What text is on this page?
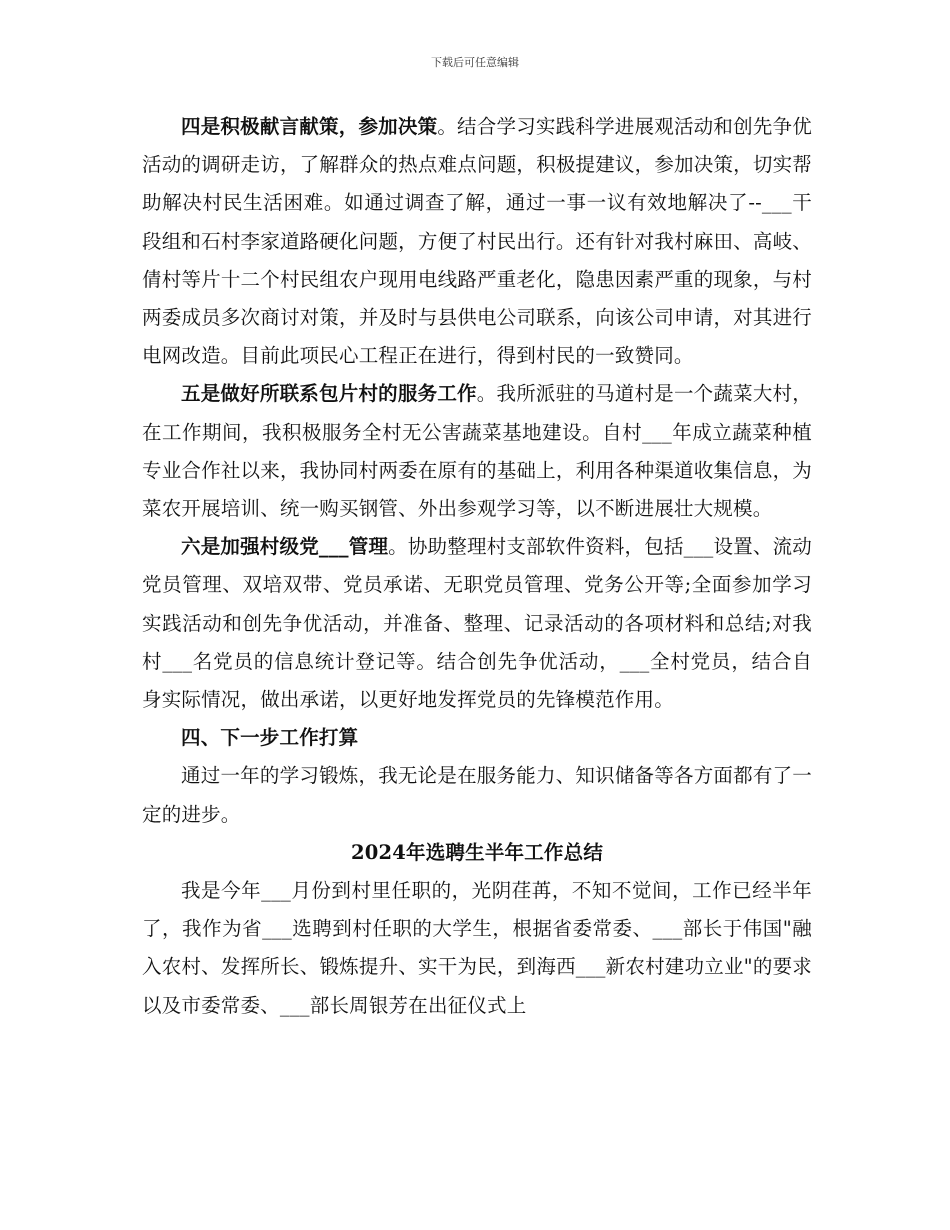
下载后可任意编辑

四是积极献言献策，参加决策。结合学习实践科学进展观活动和创先争优活动的调研走访，了解群众的热点难点问题，积极提建议，参加决策，切实帮助解决村民生活困难。如通过调查了解，通过一事一议有效地解决了--___干段组和石村李家道路硬化问题，方便了村民出行。还有针对我村麻田、高岐、倩村等片十二个村民组农户现用电线路严重老化，隐患因素严重的现象，与村两委成员多次商讨对策，并及时与县供电公司联系，向该公司申请，对其进行电网改造。目前此项民心工程正在进行，得到村民的一致赞同。

五是做好所联系包片村的服务工作。我所派驻的马道村是一个蔬菜大村，在工作期间，我积极服务全村无公害蔬菜基地建设。自村___年成立蔬菜种植专业合作社以来，我协同村两委在原有的基础上，利用各种渠道收集信息，为菜农开展培训、统一购买钢管、外出参观学习等，以不断进展壮大规模。

六是加强村级党___管理。协助整理村支部软件资料，包括___设置、流动党员管理、双培双带、党员承诺、无职党员管理、党务公开等;全面参加学习实践活动和创先争优活动，并准备、整理、记录活动的各项材料和总结;对我村___名党员的信息统计登记等。结合创先争优活动，___全村党员，结合自身实际情况，做出承诺，以更好地发挥党员的先锋模范作用。

四、下一步工作打算

通过一年的学习锻炼，我无论是在服务能力、知识储备等各方面都有了一定的进步。

2024年选聘生半年工作总结

我是今年___月份到村里任职的，光阴荏苒，不知不觉间，工作已经半年了，我作为省___选聘到村任职的大学生，根据省委常委、___部长于伟国"融入农村、发挥所长、锻炼提升、实干为民，到海西___新农村建功立业"的要求以及市委常委、___部长周银芳在出征仪式上
